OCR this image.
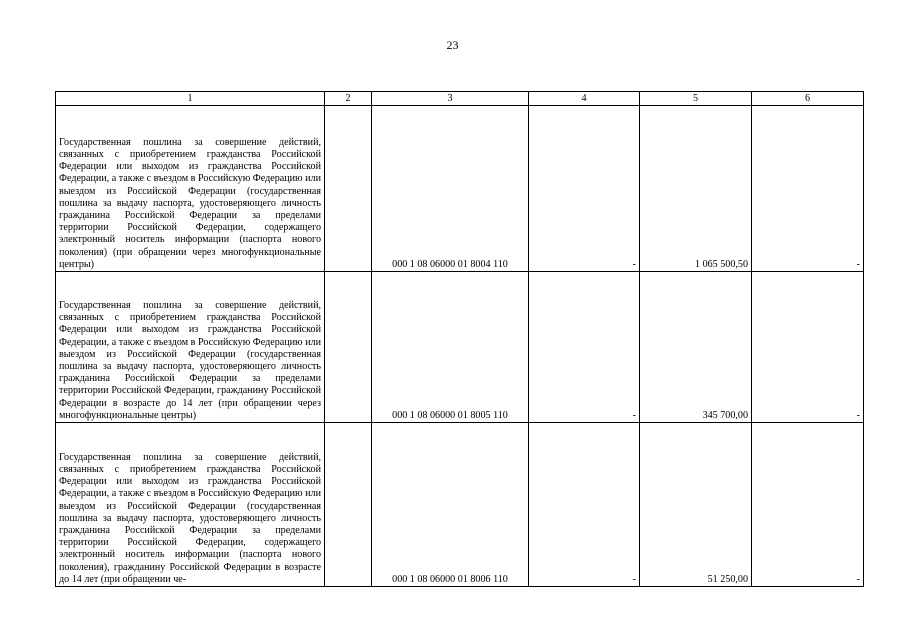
23
1	2	3	4	5	6

Государственная пошлина за совершение действий, связанных с приобретением гражданства Российской Федерации или выходом из гражданства Российской Федерации, а также с въездом в Российскую Федерацию или выездом из Российской Федерации (государственная пошлина за выдачу паспорта, удостоверяющего личность гражданина Российской Федерации за пределами территории Российской Федерации, содержащего электронный носитель информации (паспорта нового поколения) (при обращении через многофункциональные центры)		000 1 08 06000 01 8004 110	-	1 065 500,50	-

Государственная пошлина за совершение действий, связанных с приобретением гражданства Российской Федерации или выходом из гражданства Российской Федерации, а также с въездом в Российскую Федерацию или выездом из Российской Федерации (государственная пошлина за выдачу паспорта, удостоверяющего личность гражданина Российской Федерации за пределами территории Российской Федерации, гражданину Российской Федерации в возрасте до 14 лет (при обращении через многофункциональные центры)		000 1 08 06000 01 8005 110	-	345 700,00	-

Государственная пошлина за совершение действий, связанных с приобретением гражданства Российской Федерации или выходом из гражданства Российской Федерации, а также с въездом в Российскую Федерацию или выездом из Российской Федерации (государственная пошлина за выдачу паспорта, удостоверяющего личность гражданина Российской Федерации за пределами территории Российской Федерации, содержащего электронный носитель информации (паспорта нового поколения), гражданину Российской Федерации в возрасте до 14 лет (при обращении че-		000 1 08 06000 01 8006 110	-	51 250,00	-
